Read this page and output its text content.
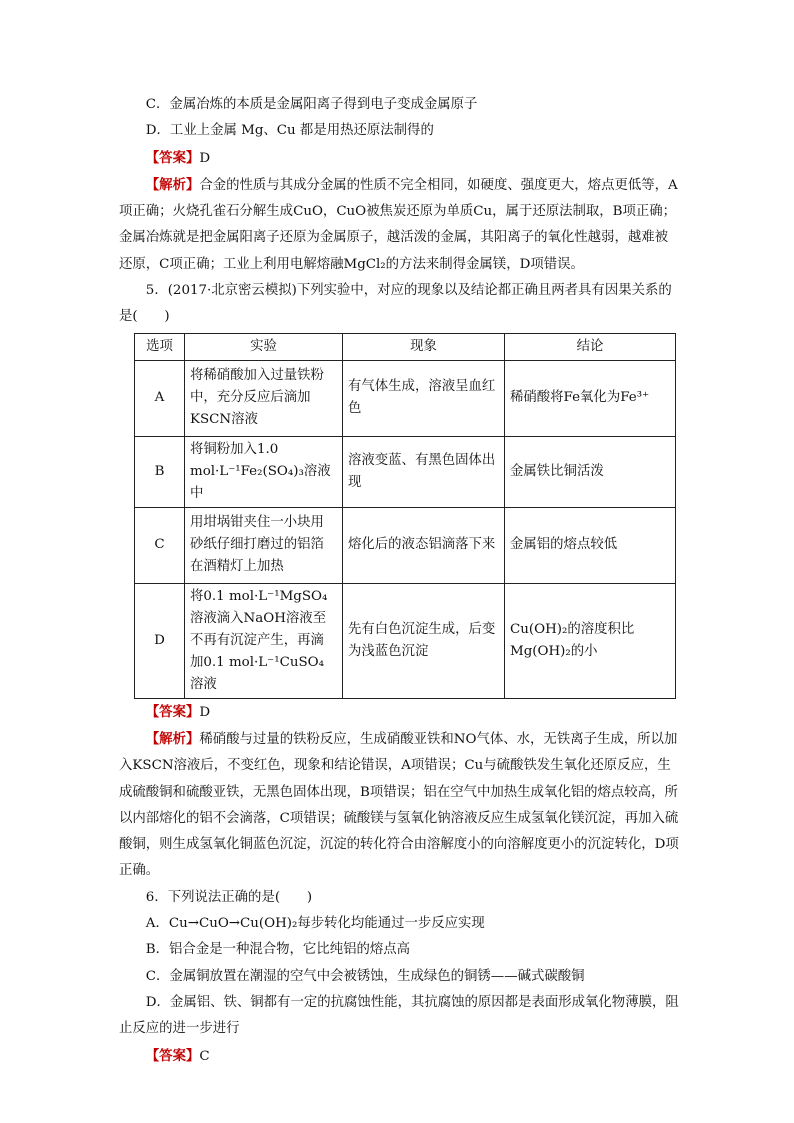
C．金属冶炼的本质是金属阳离子得到电子变成金属原子

D．工业上金属 Mg、Cu 都是用热还原法制得的

【答案】D

【解析】合金的性质与其成分金属的性质不完全相同，如硬度、强度更大，熔点更低等，A项正确；火烧孔雀石分解生成CuO，CuO被焦炭还原为单质Cu，属于还原法制取，B项正确；金属冶炼就是把金属阳离子还原为金属原子，越活泼的金属，其阳离子的氧化性越弱，越难被还原，C项正确；工业上利用电解熔融MgCl₂的方法来制得金属镁，D项错误。

5．(2017·北京密云模拟)下列实验中，对应的现象以及结论都正确且两者具有因果关系的是(　　)

选项	实验	现象	结论
A	将稀硝酸加入过量铁粉中，充分反应后滴加KSCN溶液	有气体生成，溶液呈血红色	稀硝酸将Fe氧化为Fe³⁺
B	将铜粉加入1.0 mol·L⁻¹Fe₂(SO₄)₃溶液中	溶液变蓝、有黑色固体出现	金属铁比铜活泼
C	用坩埚钳夹住一小块用砂纸仔细打磨过的铝箔在酒精灯上加热	熔化后的液态铝滴落下来	金属铝的熔点较低
D	将0.1 mol·L⁻¹MgSO₄溶液滴入NaOH溶液至不再有沉淀产生，再滴加0.1 mol·L⁻¹CuSO₄溶液	先有白色沉淀生成，后变为浅蓝色沉淀	Cu(OH)₂的溶度积比Mg(OH)₂的小

【答案】D

【解析】稀硝酸与过量的铁粉反应，生成硝酸亚铁和NO气体、水，无铁离子生成，所以加入KSCN溶液后，不变红色，现象和结论错误，A项错误；Cu与硫酸铁发生氧化还原反应，生成硫酸铜和硫酸亚铁，无黑色固体出现，B项错误；铝在空气中加热生成氧化铝的熔点较高，所以内部熔化的铝不会滴落，C项错误；硫酸镁与氢氧化钠溶液反应生成氢氧化镁沉淀，再加入硫酸铜，则生成氢氧化铜蓝色沉淀，沉淀的转化符合由溶解度小的向溶解度更小的沉淀转化，D项正确。

6．下列说法正确的是(　　)

A．Cu→CuO→Cu(OH)₂每步转化均能通过一步反应实现

B．铝合金是一种混合物，它比纯铝的熔点高

C．金属铜放置在潮湿的空气中会被锈蚀，生成绿色的铜锈——碱式碳酸铜

D．金属铝、铁、铜都有一定的抗腐蚀性能，其抗腐蚀的原因都是表面形成氧化物薄膜，阻止反应的进一步进行

【答案】C
